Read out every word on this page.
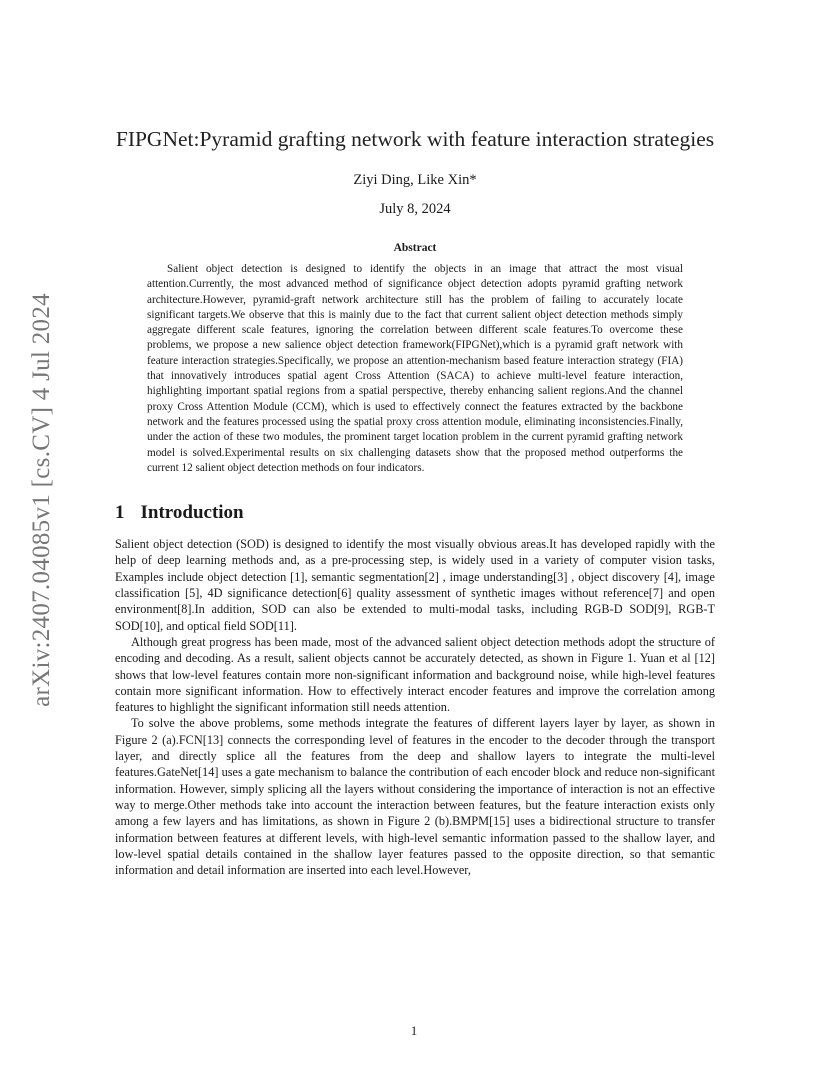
arXiv:2407.04085v1 [cs.CV] 4 Jul 2024
FIPGNet:Pyramid grafting network with feature interaction strategies
Ziyi Ding, Like Xin*
July 8, 2024
Abstract

Salient object detection is designed to identify the objects in an image that attract the most visual attention.Currently, the most advanced method of significance object detection adopts pyramid grafting network architecture.However, pyramid-graft network architecture still has the problem of failing to accurately locate significant targets.We observe that this is mainly due to the fact that current salient object detection methods simply aggregate different scale features, ignoring the correlation between different scale features.To overcome these problems, we propose a new salience object detection framework(FIPGNet),which is a pyramid graft network with feature interaction strategies.Specifically, we propose an attention-mechanism based feature interaction strategy (FIA) that innovatively introduces spatial agent Cross Attention (SACA) to achieve multi-level feature interaction, highlighting important spatial regions from a spatial perspective, thereby enhancing salient regions.And the channel proxy Cross Attention Module (CCM), which is used to effectively connect the features extracted by the backbone network and the features processed using the spatial proxy cross attention module, eliminating inconsistencies.Finally, under the action of these two modules, the prominent target location problem in the current pyramid grafting network model is solved.Experimental results on six challenging datasets show that the proposed method outperforms the current 12 salient object detection methods on four indicators.

1 Introduction

Salient object detection (SOD) is designed to identify the most visually obvious areas.It has developed rapidly with the help of deep learning methods and, as a pre-processing step, is widely used in a variety of computer vision tasks, Examples include object detection [1], semantic segmentation[2] , image understanding[3] , object discovery [4], image classification [5], 4D significance detection[6] quality assessment of synthetic images without reference[7] and open environment[8].In addition, SOD can also be extended to multi-modal tasks, including RGB-D SOD[9], RGB-T SOD[10], and optical field SOD[11].

Although great progress has been made, most of the advanced salient object detection methods adopt the structure of encoding and decoding. As a result, salient objects cannot be accurately detected, as shown in Figure 1. Yuan et al [12] shows that low-level features contain more non-significant information and background noise, while high-level features contain more significant information. How to effectively interact encoder features and improve the correlation among features to highlight the significant information still needs attention.

To solve the above problems, some methods integrate the features of different layers layer by layer, as shown in Figure 2 (a).FCN[13] connects the corresponding level of features in the encoder to the decoder through the transport layer, and directly splice all the features from the deep and shallow layers to integrate the multi-level features.GateNet[14] uses a gate mechanism to balance the contribution of each encoder block and reduce non-significant information. However, simply splicing all the layers without considering the importance of interaction is not an effective way to merge.Other methods take into account the interaction between features, but the feature interaction exists only among a few layers and has limitations, as shown in Figure 2 (b).BMPM[15] uses a bidirectional structure to transfer information between features at different levels, with high-level semantic information passed to the shallow layer, and low-level spatial details contained in the shallow layer features passed to the opposite direction, so that semantic information and detail information are inserted into each level.However,

1
